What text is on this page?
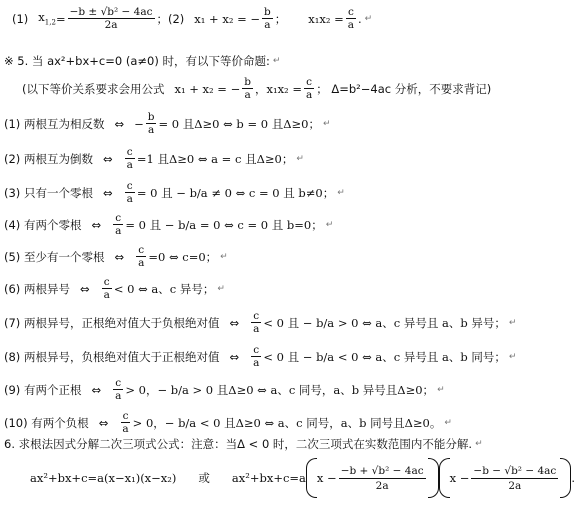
(1) $x_{1,2} = \frac{\text{−b ± √b² − 4ac}}{2a}$ ； (2) x₁ + x₂ = − $\frac{b}{a}$ ； $x_1x_2 = \frac{c}{a}$ . ↵
※ 5. 当 ax²+bx+c=0 (a≠0) 时，有以下等价命题: ↵
(以下等价关系要求会用公式 x₁ + x₂ = − $\frac{b}{a}$ ，$x_1x_2 = \frac{c}{a}$ ； Δ=b²−4ac 分析，不要求背记)
(1) 两根互为相反数 ⇔ − $\frac{b}{a} = 0$ 且Δ≥0 ⇔ b = 0 且Δ≥0； ↵
(2) 两根互为倒数 ⇔ $\frac{c}{a} =1$ 且Δ≥0 ⇔ a = c 且Δ≥0； ↵
(3) 只有一个零根 ⇔ $\frac{c}{a} = 0$ 且 − b/a ≠ 0 ⇔ c = 0 且 b≠0； ↵
(4) 有两个零根 ⇔ $\frac{c}{a} = 0$ 且 − b/a = 0 ⇔ c = 0 且 b=0； ↵
(5) 至少有一个零根 ⇔ $\frac{c}{a} =0$ ⇔ c=0； ↵
(6) 两根异号 ⇔ $\frac{c}{a} < 0$ ⇔ a、c 异号； ↵
(7) 两根异号，正根绝对值大于负根绝对值 ⇔ $\frac{c}{a} < 0$ 且 − b/a > 0 ⇔ a、c 异号且 a、b 异号； ↵
(8) 两根异号，负根绝对值大于正根绝对值 ⇔ $\frac{c}{a} < 0$ 且 − b/a < 0 ⇔ a、c 异号且 a、b 同号； ↵
(9) 有两个正根 ⇔ $\frac{c}{a} > 0$，− b/a > 0 且Δ≥0 ⇔ a、c 同号，a、b 异号且Δ≥0； ↵
(10) 有两个负根 ⇔ $\frac{c}{a} > 0$，− b/a < 0 且Δ≥0 ⇔ a、c 同号，a、b 同号且Δ≥0。 ↵
6. 求根法因式分解二次三项式公式：注意：当Δ < 0 时，二次三项式在实数范围内不能分解. ↵
ax²+bx+c=a(x−x₁)(x−x₂) 或 ax²+bx+c=a $x - \frac{\text{−b + √b² − 4ac}}{2a}$ $x - \frac{\text{−b − √b² − 4ac}}{2a}$ .
